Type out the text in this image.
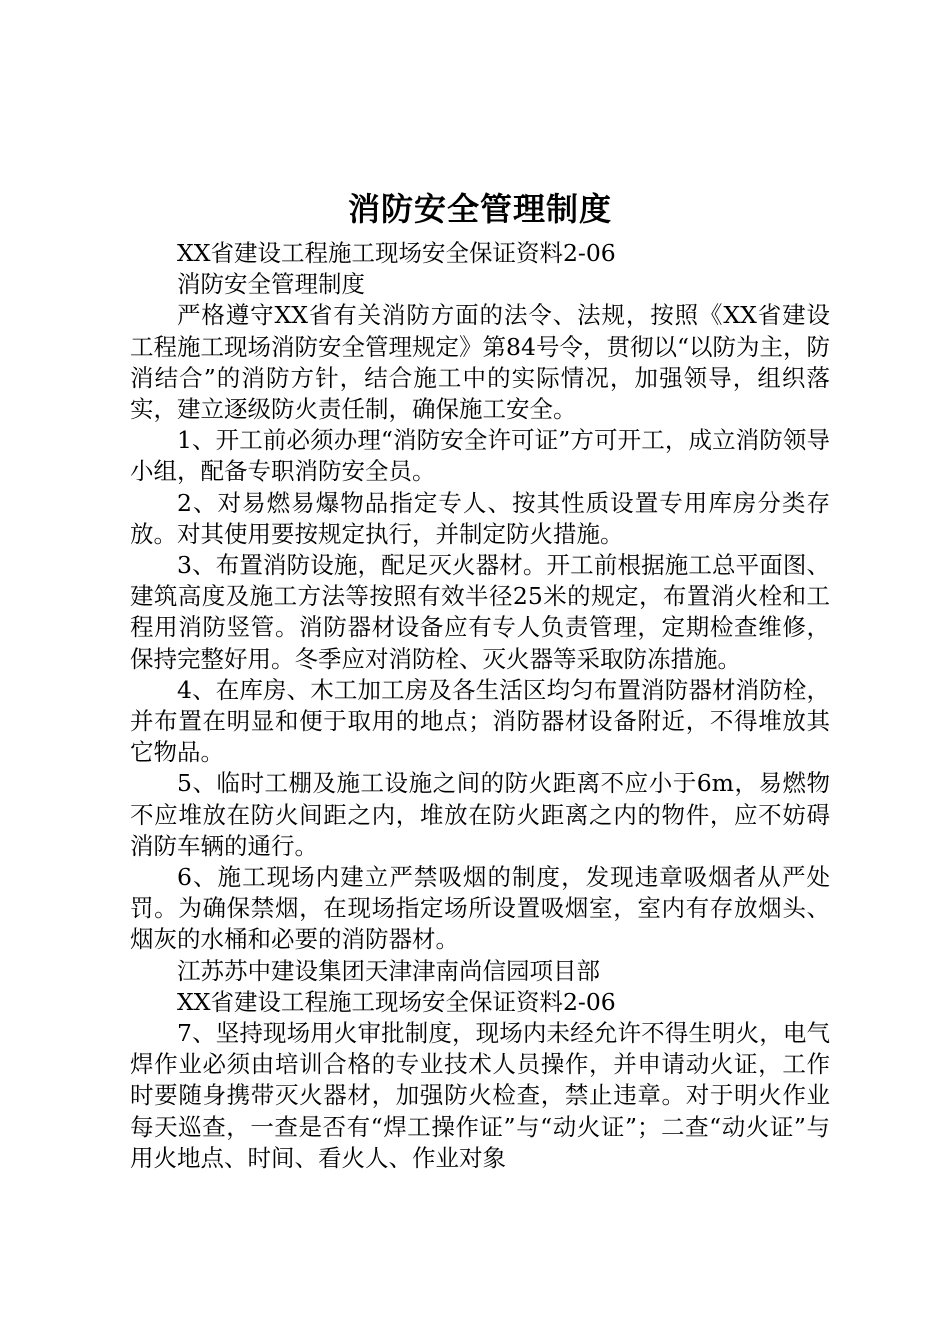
消防安全管理制度

XX省建设工程施工现场安全保证资料2-06

消防安全管理制度

严格遵守XX省有关消防方面的法令、法规，按照《XX省建设工程施工现场消防安全管理规定》第84号令，贯彻以“以防为主，防消结合”的消防方针，结合施工中的实际情况，加强领导，组织落实，建立逐级防火责任制，确保施工安全。

1、开工前必须办理“消防安全许可证”方可开工，成立消防领导小组，配备专职消防安全员。

2、对易燃易爆物品指定专人、按其性质设置专用库房分类存放。对其使用要按规定执行，并制定防火措施。

3、布置消防设施，配足灭火器材。开工前根据施工总平面图、建筑高度及施工方法等按照有效半径25米的规定，布置消火栓和工程用消防竖管。消防器材设备应有专人负责管理，定期检查维修，保持完整好用。冬季应对消防栓、灭火器等采取防冻措施。

4、在库房、木工加工房及各生活区均匀布置消防器材消防栓，并布置在明显和便于取用的地点；消防器材设备附近，不得堆放其它物品。

5、临时工棚及施工设施之间的防火距离不应小于6m，易燃物不应堆放在防火间距之内，堆放在防火距离之内的物件，应不妨碍消防车辆的通行。

6、施工现场内建立严禁吸烟的制度，发现违章吸烟者从严处罚。为确保禁烟，在现场指定场所设置吸烟室，室内有存放烟头、烟灰的水桶和必要的消防器材。

江苏苏中建设集团天津津南尚信园项目部

XX省建设工程施工现场安全保证资料2-06

7、坚持现场用火审批制度，现场内未经允许不得生明火，电气焊作业必须由培训合格的专业技术人员操作，并申请动火证，工作时要随身携带灭火器材，加强防火检查，禁止违章。对于明火作业每天巡查，一查是否有“焊工操作证”与“动火证”；二查“动火证”与用火地点、时间、看火人、作业对象
